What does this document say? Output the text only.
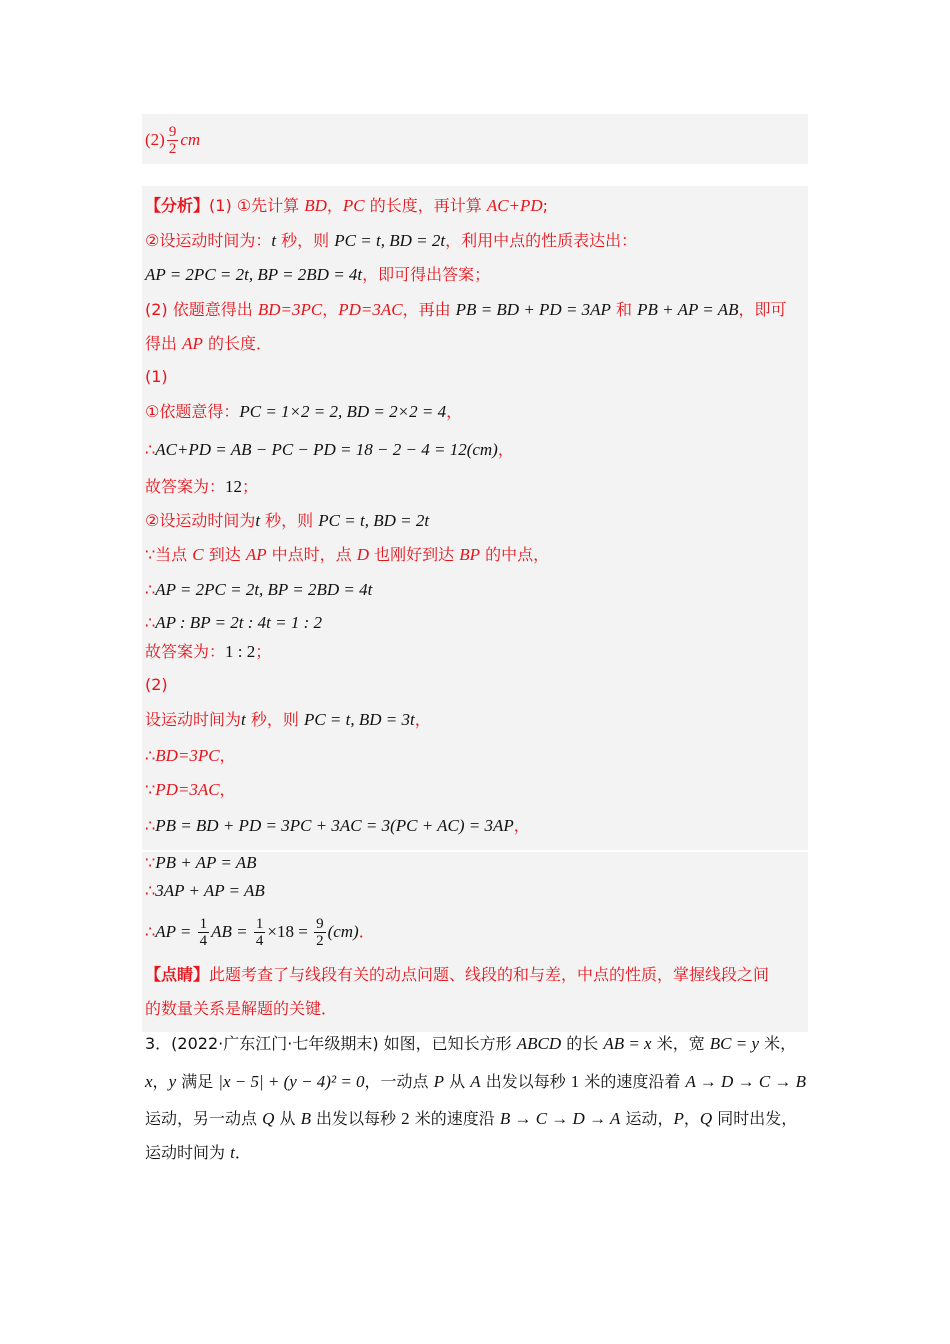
$(2) \frac{9}{2}$ cm
【分析】(1) ①先计算 BD，PC 的长度，再计算 AC+PD;
②设运动时间为：t 秒，则 PC = t, BD = 2t，利用中点的性质表达出：
AP = 2PC = 2t, BP = 2BD = 4t，即可得出答案；
(2) 依题意得出 BD=3PC，PD=3AC，再由 PB = BD + PD = 3AP 和 PB + AP = AB，即可
得出 AP 的长度．
(1)
①依题意得：PC = 1×2 = 2, BD = 2×2 = 4，
∴AC+PD = AB − PC − PD = 18 − 2 − 4 = 12(cm)，
故答案为：12；
②设运动时间为t 秒，则 PC = t, BD = 2t
∵当点 C 到达 AP 中点时，点 D 也刚好到达 BP 的中点，
∴AP = 2PC = 2t, BP = 2BD = 4t
∴AP : BP = 2t : 4t = 1 : 2
故答案为：1 : 2；
(2)
设运动时间为t 秒，则 PC = t, BD = 3t，
∴BD=3PC，
∵PD=3AC，
∴PB = BD + PD = 3PC + 3AC = 3(PC + AC) = 3AP，
∵PB + AP = AB
∴3AP + AP = AB
∴AP = $\frac{1}{4}$ AB = $\frac{1}{4} \times 18 = \frac{9}{2} (cm)$．
【点睛】此题考查了与线段有关的动点问题、线段的和与差，中点的性质，掌握线段之间
的数量关系是解题的关键．
3．(2022·广东江门·七年级期末) 如图，已知长方形 ABCD 的长 AB = x 米，宽 BC = y 米，
x，y 满足 |x − 5| + (y − 4)² = 0，一动点 P 从 A 出发以每秒 1 米的速度沿着 A → D → C → B
运动，另一动点 Q 从 B 出发以每秒 2 米的速度沿 B → C → D → A 运动，P，Q 同时出发，
运动时间为 t．
